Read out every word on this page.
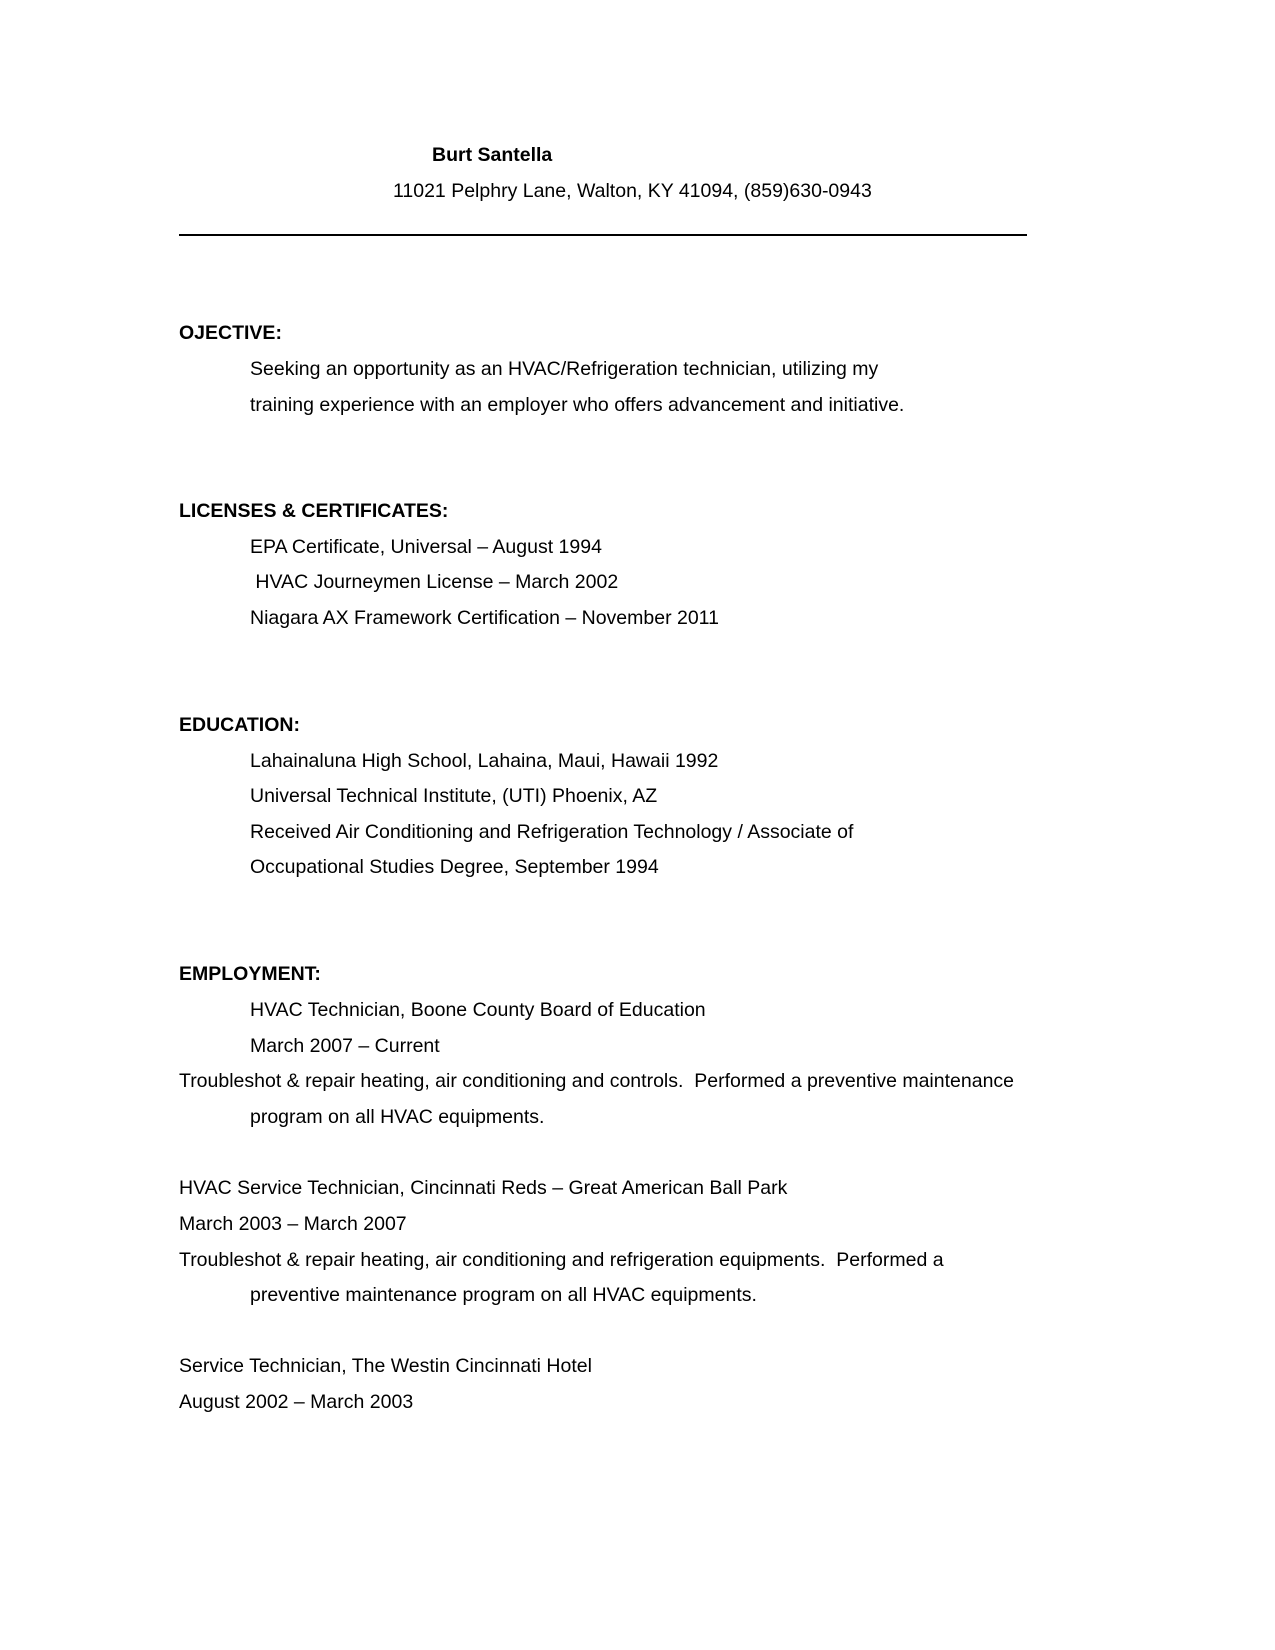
Burt Santella
11021 Pelphry Lane, Walton, KY 41094, (859)630-0943
OJECTIVE:
Seeking an opportunity as an HVAC/Refrigeration technician, utilizing my
training experience with an employer who offers advancement and initiative.
LICENSES & CERTIFICATES:
EPA Certificate, Universal – August 1994
HVAC Journeymen License – March 2002
Niagara AX Framework Certification – November 2011
EDUCATION:
Lahainaluna High School, Lahaina, Maui, Hawaii 1992
Universal Technical Institute, (UTI) Phoenix, AZ
Received Air Conditioning and Refrigeration Technology / Associate of
Occupational Studies Degree, September 1994
EMPLOYMENT:
HVAC Technician, Boone County Board of Education
March 2007 – Current
Troubleshot & repair heating, air conditioning and controls.  Performed a preventive maintenance
program on all HVAC equipments.
HVAC Service Technician, Cincinnati Reds – Great American Ball Park
March 2003 – March 2007
Troubleshot & repair heating, air conditioning and refrigeration equipments.  Performed a
preventive maintenance program on all HVAC equipments.
Service Technician, The Westin Cincinnati Hotel
August 2002 – March 2003
